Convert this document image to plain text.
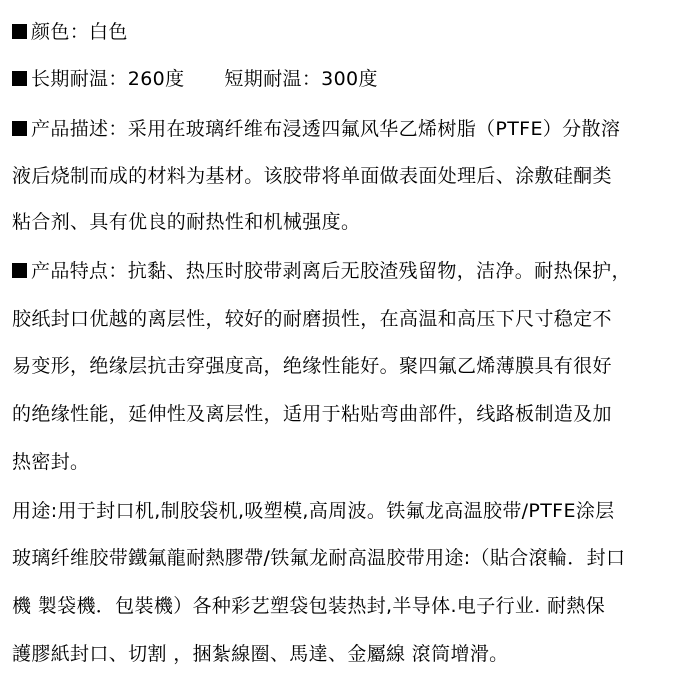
颜色：白色
长期耐温：260度 短期耐温：300度
产品描述：采用在玻璃纤维布浸透四氟风华乙烯树脂（PTFE）分散溶
液后烧制而成的材料为基材。该胶带将单面做表面处理后、涂敷硅酮类
粘合剂、具有优良的耐热性和机械强度。
产品特点：抗黏、热压时胶带剥离后无胶渣残留物，洁净。耐热保护，
胶纸封口优越的离层性，较好的耐磨损性，在高温和高压下尺寸稳定不
易变形，绝缘层抗击穿强度高，绝缘性能好。聚四氟乙烯薄膜具有很好
的绝缘性能，延伸性及离层性，适用于粘贴弯曲部件，线路板制造及加
热密封。
用途:用于封口机,制胶袋机,吸塑模,高周波。铁氟龙高温胶带/PTFE涂层
玻璃纤维胶带鐵氟龍耐熱膠帶/铁氟龙耐高温胶带用途:（貼合滾輪．封口
機 製袋機．包裝機）各种彩艺塑袋包装热封,半导体.电子行业. 耐熱保
護膠紙封口、切割 ，捆紮線圈、馬達、金屬線 滾筒增滑。
